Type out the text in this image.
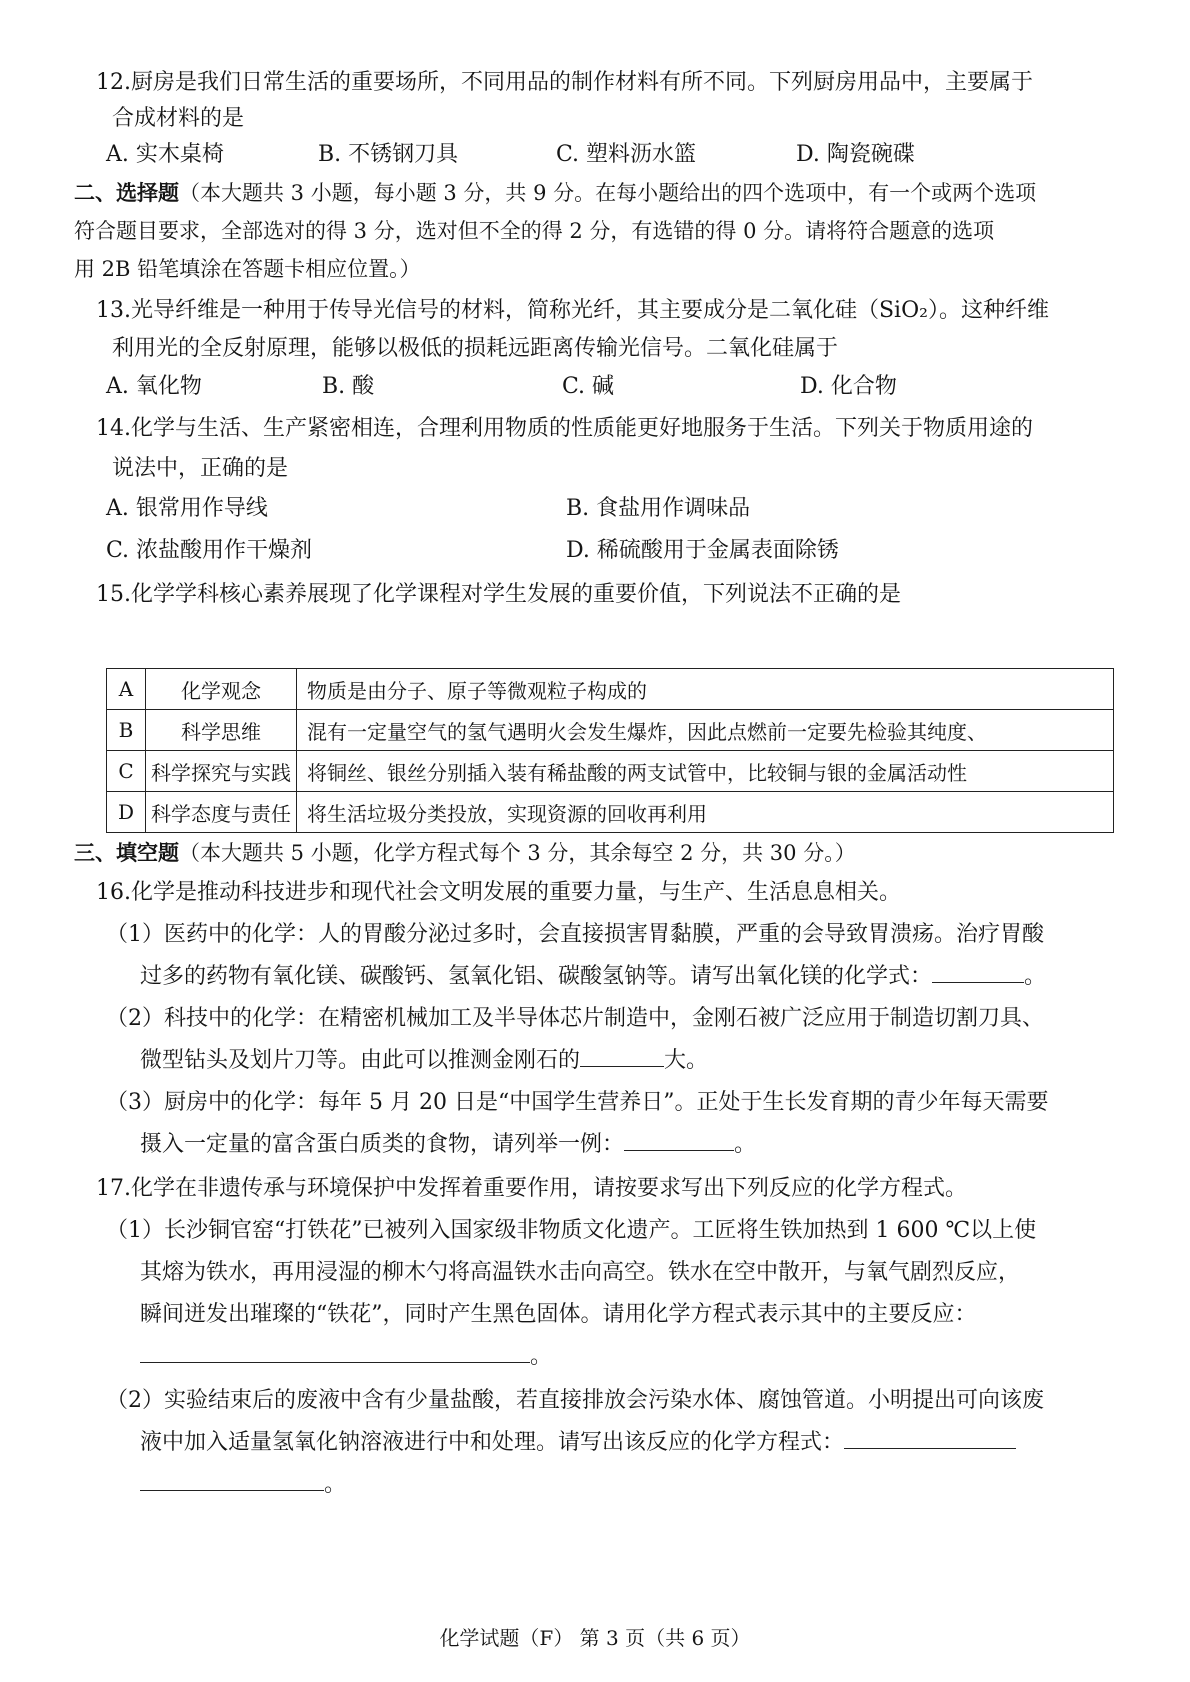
12.厨房是我们日常生活的重要场所，不同用品的制作材料有所不同。下列厨房用品中，主要属于
合成材料的是
A. 实木桌椅	B. 不锈钢刀具	C. 塑料沥水篮	D. 陶瓷碗碟
二、选择题（本大题共 3 小题，每小题 3 分，共 9 分。在每小题给出的四个选项中，有一个或两个选项
符合题目要求，全部选对的得 3 分，选对但不全的得 2 分，有选错的得 0 分。请将符合题意的选项
用 2B 铅笔填涂在答题卡相应位置。）
13.光导纤维是一种用于传导光信号的材料，简称光纤，其主要成分是二氧化硅（SiO₂）。这种纤维
利用光的全反射原理，能够以极低的损耗远距离传输光信号。二氧化硅属于
A. 氧化物	B. 酸	C. 碱	D. 化合物
14.化学与生活、生产紧密相连，合理利用物质的性质能更好地服务于生活。下列关于物质用途的
说法中，正确的是
A. 银常用作导线	B. 食盐用作调味品
C. 浓盐酸用作干燥剂	D. 稀硫酸用于金属表面除锈
15.化学学科核心素养展现了化学课程对学生发展的重要价值，下列说法不正确的是
A	化学观念	物质是由分子、原子等微观粒子构成的
B	科学思维	混有一定量空气的氢气遇明火会发生爆炸，因此点燃前一定要先检验其纯度、
C	科学探究与实践	将铜丝、银丝分别插入装有稀盐酸的两支试管中，比较铜与银的金属活动性
D	科学态度与责任	将生活垃圾分类投放，实现资源的回收再利用
三、填空题（本大题共 5 小题，化学方程式每个 3 分，其余每空 2 分，共 30 分。）
16.化学是推动科技进步和现代社会文明发展的重要力量，与生产、生活息息相关。
（1）医药中的化学：人的胃酸分泌过多时，会直接损害胃黏膜，严重的会导致胃溃疡。治疗胃酸
过多的药物有氧化镁、碳酸钙、氢氧化铝、碳酸氢钠等。请写出氧化镁的化学式：	。
（2）科技中的化学：在精密机械加工及半导体芯片制造中，金刚石被广泛应用于制造切割刀具、
微型钻头及划片刀等。由此可以推测金刚石的	大。
（3）厨房中的化学：每年 5 月 20 日是“中国学生营养日”。正处于生长发育期的青少年每天需要
摄入一定量的富含蛋白质类的食物，请列举一例：	。
17.化学在非遗传承与环境保护中发挥着重要作用，请按要求写出下列反应的化学方程式。
（1）长沙铜官窑“打铁花”已被列入国家级非物质文化遗产。工匠将生铁加热到 1 600 ℃以上使
其熔为铁水，再用浸湿的柳木勺将高温铁水击向高空。铁水在空中散开，与氧气剧烈反应，
瞬间迸发出璀璨的“铁花”，同时产生黑色固体。请用化学方程式表示其中的主要反应：
。
（2）实验结束后的废液中含有少量盐酸，若直接排放会污染水体、腐蚀管道。小明提出可向该废
液中加入适量氢氧化钠溶液进行中和处理。请写出该反应的化学方程式：
。
化学试题（F） 第 3 页（共 6 页）
